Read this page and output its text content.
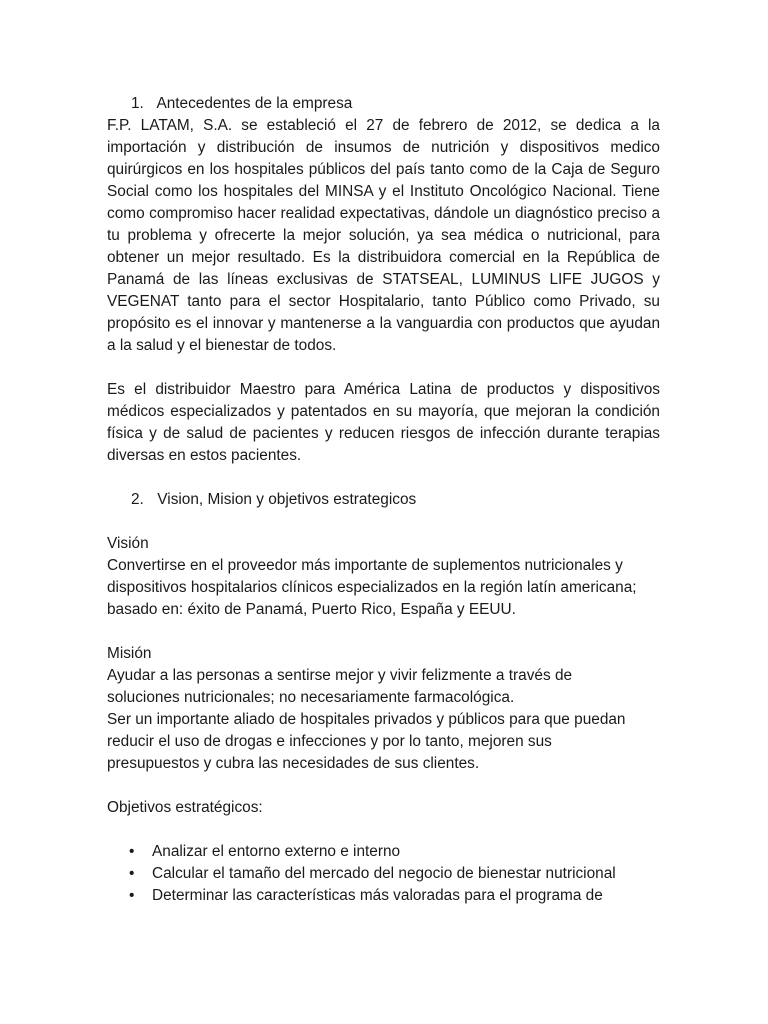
1. Antecedentes de la empresa

F.P. LATAM, S.A. se estableció el 27 de febrero de 2012, se dedica a la importación y distribución de insumos de nutrición y dispositivos medico quirúrgicos en los hospitales públicos del país tanto como de la Caja de Seguro Social como los hospitales del MINSA y el Instituto Oncológico Nacional. Tiene como compromiso hacer realidad expectativas, dándole un diagnóstico preciso a tu problema y ofrecerte la mejor solución, ya sea médica o nutricional, para obtener un mejor resultado. Es la distribuidora comercial en la República de Panamá de las líneas exclusivas de STATSEAL, LUMINUS LIFE JUGOS y VEGENAT tanto para el sector Hospitalario, tanto Público como Privado, su propósito es el innovar y mantenerse a la vanguardia con productos que ayudan a la salud y el bienestar de todos.

Es el distribuidor Maestro para América Latina de productos y dispositivos médicos especializados y patentados en su mayoría, que mejoran la condición física y de salud de pacientes y reducen riesgos de infección durante terapias diversas en estos pacientes.

2. Vision, Mision y objetivos estrategicos

Visión

Convertirse en el proveedor más importante de suplementos nutricionales y

dispositivos hospitalarios clínicos especializados en la región latín americana;

basado en: éxito de Panamá, Puerto Rico, España y EEUU.

Misión

Ayudar a las personas a sentirse mejor y vivir felizmente a través de

soluciones nutricionales; no necesariamente farmacológica.

Ser un importante aliado de hospitales privados y públicos para que puedan

reducir el uso de drogas e infecciones y por lo tanto, mejoren sus

presupuestos y cubra las necesidades de sus clientes.

Objetivos estratégicos:

• Analizar el entorno externo e interno
• Calcular el tamaño del mercado del negocio de bienestar nutricional
• Determinar las características más valoradas para el programa de
